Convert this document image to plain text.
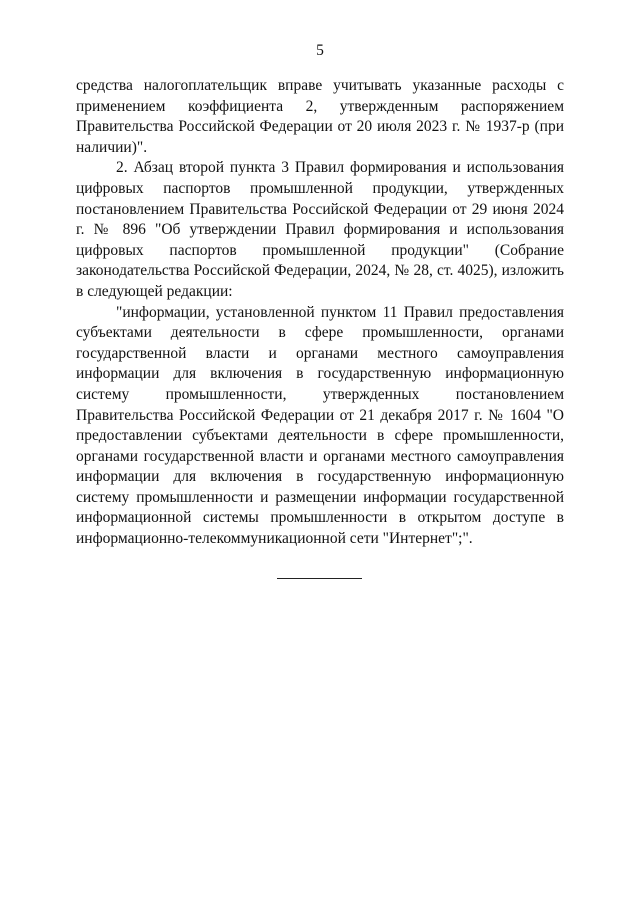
5

средства налогоплательщик вправе учитывать указанные расходы с применением коэффициента 2, утвержденным распоряжением Правительства Российской Федерации от 20 июля 2023 г. № 1937-р (при наличии)".

2. Абзац второй пункта 3 Правил формирования и использования цифровых паспортов промышленной продукции, утвержденных постановлением Правительства Российской Федерации от 29 июня 2024 г. № 896 "Об утверждении Правил формирования и использования цифровых паспортов промышленной продукции" (Собрание законодательства Российской Федерации, 2024, № 28, ст. 4025), изложить в следующей редакции:

"информации, установленной пунктом 11 Правил предоставления субъектами деятельности в сфере промышленности, органами государственной власти и органами местного самоуправления информации для включения в государственную информационную систему промышленности, утвержденных постановлением Правительства Российской Федерации от 21 декабря 2017 г. № 1604 "О предоставлении субъектами деятельности в сфере промышленности, органами государственной власти и органами местного самоуправления информации для включения в государственную информационную систему промышленности и размещении информации государственной информационной системы промышленности в открытом доступе в информационно-телекоммуникационной сети "Интернет";".
